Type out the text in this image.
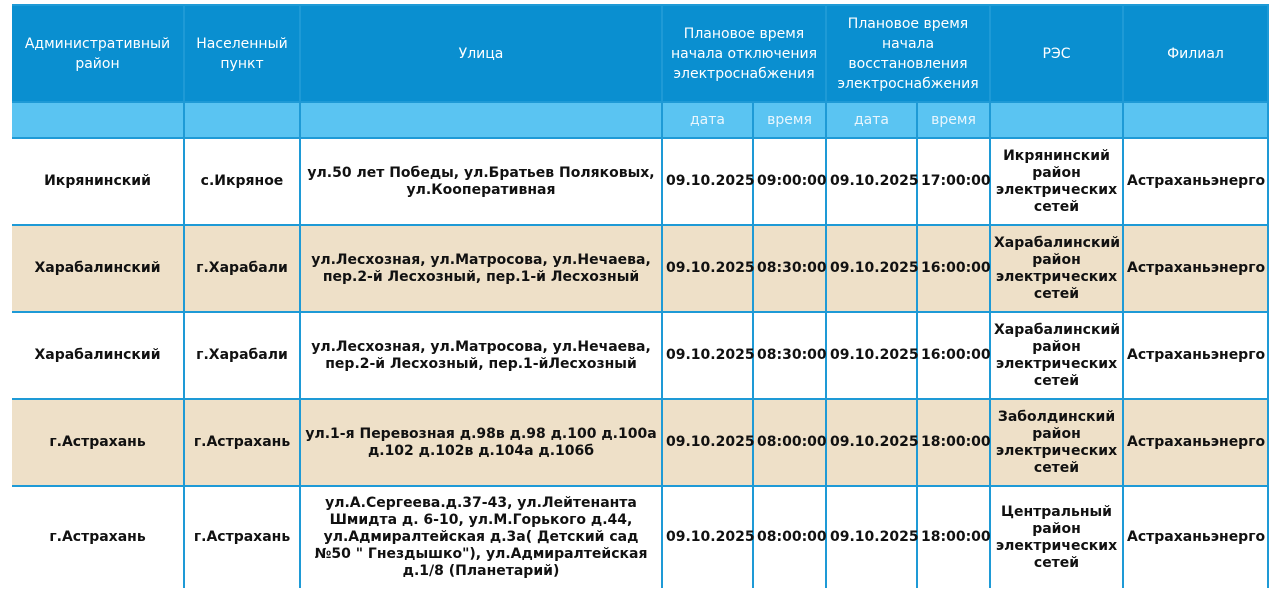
Административный район	Населенный пункт	Улица	Плановое время начала отключения электроснабжения		Плановое время начала восстановления электроснабжения		РЭС	Филиал
			дата	время	дата	время		
Икрянинский	с.Икряное	ул.50 лет Победы, ул.Братьев Поляковых, ул.Кооперативная	09.10.2025	09:00:00	09.10.2025	17:00:00	Икрянинский район электрических сетей	Астраханьэнерго
Харабалинский	г.Харабали	ул.Лесхозная, ул.Матросова, ул.Нечаева, пер.2-й Лесхозный, пер.1-й Лесхозный	09.10.2025	08:30:00	09.10.2025	16:00:00	Харабалинский район электрических сетей	Астраханьэнерго
Харабалинский	г.Харабали	ул.Лесхозная, ул.Матросова, ул.Нечаева, пер.2-й Лесхозный, пер.1-йЛесхозный	09.10.2025	08:30:00	09.10.2025	16:00:00	Харабалинский район электрических сетей	Астраханьэнерго
г.Астрахань	г.Астрахань	ул.1-я Перевозная д.98в д.98 д.100 д.100а д.102 д.102в д.104а д.106б	09.10.2025	08:00:00	09.10.2025	18:00:00	Заболдинский район электрических сетей	Астраханьэнерго
г.Астрахань	г.Астрахань	ул.А.Сергеева.д.37-43, ул.Лейтенанта Шмидта д. 6-10, ул.М.Горького д.44, ул.Адмиралтейская д.3а( Детский сад №50 " Гнездышко"), ул.Адмиралтейская д.1/8 (Планетарий)	09.10.2025	08:00:00	09.10.2025	18:00:00	Центральный район электрических сетей	Астраханьэнерго
